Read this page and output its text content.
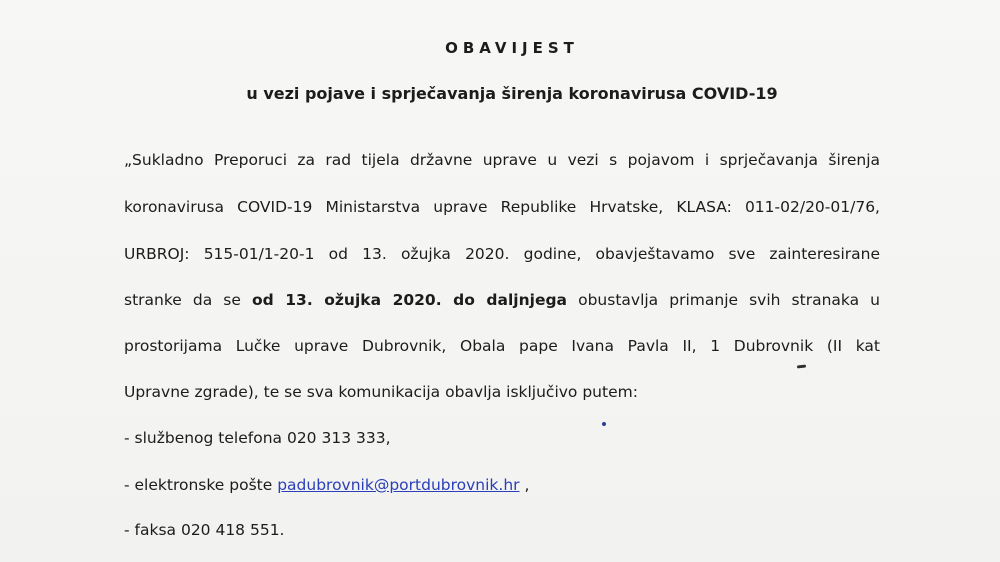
OBAVIJEST
u vezi pojave i sprječavanja širenja koronavirusa COVID-19
„Sukladno Preporuci za rad tijela državne uprave u vezi s pojavom i sprječavanja širenja
koronavirusa COVID-19 Ministarstva uprave Republike Hrvatske, KLASA: 011-02/20-01/76,
URBROJ: 515-01/1-20-1 od 13. ožujka 2020. godine, obavještavamo sve zainteresirane
stranke da se od 13. ožujka 2020. do daljnjega obustavlja primanje svih stranaka u
prostorijama Lučke uprave Dubrovnik, Obala pape Ivana Pavla II, 1 Dubrovnik (II kat
Upravne zgrade), te se sva komunikacija obavlja isključivo putem:
- službenog telefona 020 313 333,
- elektronske pošte padubrovnik@portdubrovnik.hr ,
- faksa 020 418 551.
